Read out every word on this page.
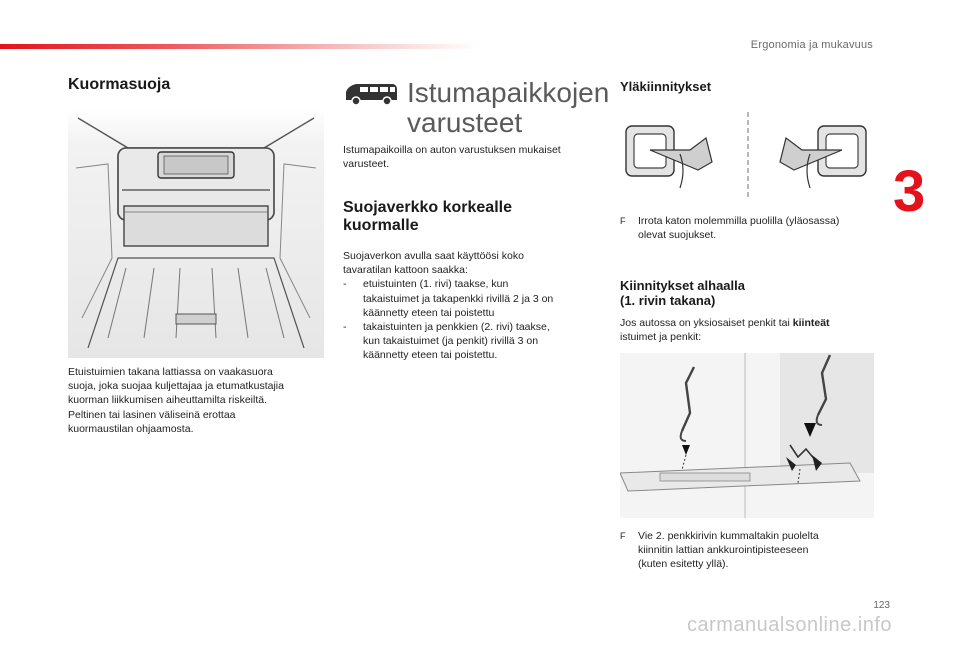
Ergonomia ja mukavuus
3
Kuormasuoja

Etuistuimien takana lattiassa on vaakasuora

suoja, joka suojaa kuljettajaa ja etumatkustajia

kuorman liikkumisen aiheuttamilta riskeiltä.

Peltinen tai lasinen väliseinä erottaa

kuormaustilan ohjaamosta.

Istumapaikkojen
varusteet

Istumapaikoilla on auton varustuksen mukaiset

varusteet.

Suojaverkko korkealle
kuormalle

Suojaverkon avulla saat käyttöösi koko

tavaratilan kattoon saakka:

-	etuistuinten (1. rivi) taakse, kun

takaistuimet ja takapenkki rivillä 2 ja 3 on

käännetty eteen tai poistettu

-	takaistuinten ja penkkien (2. rivi) taakse,

kun takaistuimet (ja penkit) rivillä 3 on

käännetty eteen tai poistettu.

Yläkiinnitykset
F	Irrota katon molemmilla puolilla (yläosassa)

olevat suojukset.

Kiinnitykset alhaalla
(1. rivin takana)

Jos autossa on yksiosaiset penkit tai kiinteät

istuimet ja penkit:

F	Vie 2. penkkirivin kummaltakin puolelta

kiinnitin lattian ankkurointipisteeseen

(kuten esitetty yllä).

123
carmanualsonline.info
